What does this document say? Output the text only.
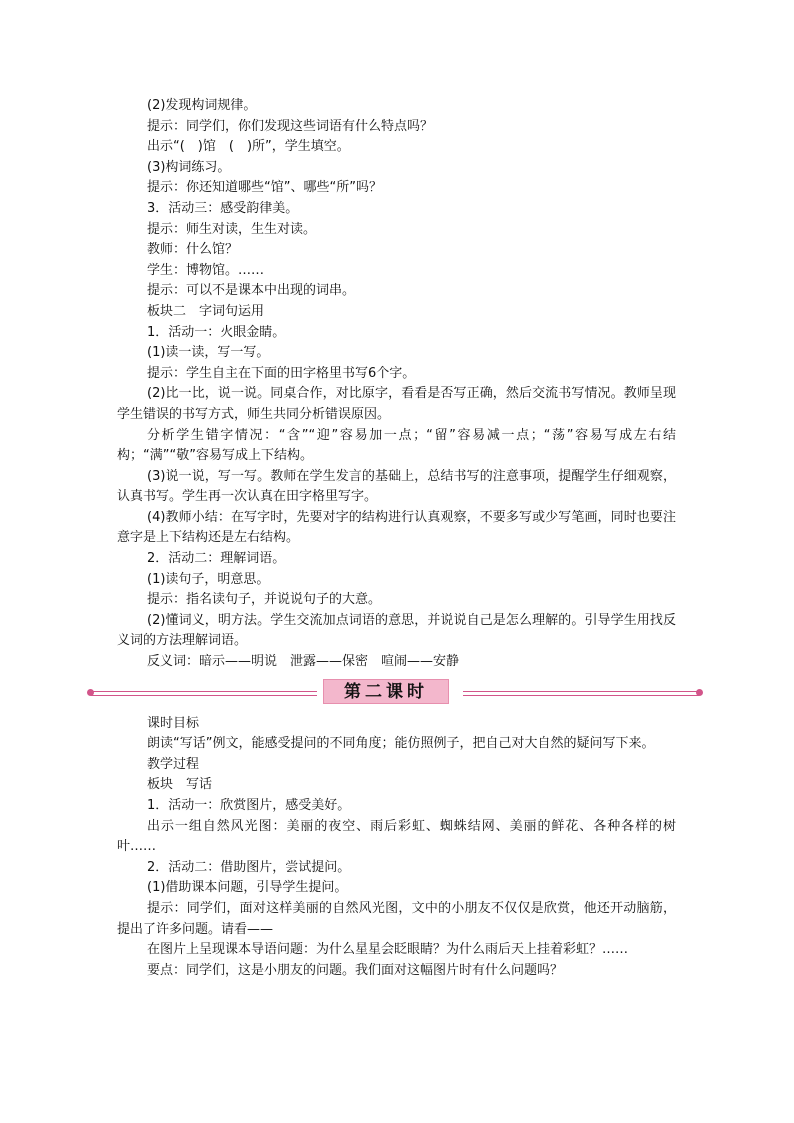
(2)发现构词规律。
提示：同学们，你们发现这些词语有什么特点吗？
出示“(　)馆　(　)所”，学生填空。
(3)构词练习。
提示：你还知道哪些“馆”、哪些“所”吗？
3．活动三：感受韵律美。
提示：师生对读，生生对读。
教师：什么馆？
学生：博物馆。……
提示：可以不是课本中出现的词串。
板块二　字词句运用
1．活动一：火眼金睛。
(1)读一读，写一写。
提示：学生自主在下面的田字格里书写6个字。
(2)比一比，说一说。同桌合作，对比原字，看看是否写正确，然后交流书写情况。教师呈现学生错误的书写方式，师生共同分析错误原因。
分析学生错字情况：“含”“迎”容易加一点；“留”容易减一点；“荡”容易写成左右结构；“满”“敬”容易写成上下结构。
(3)说一说，写一写。教师在学生发言的基础上，总结书写的注意事项，提醒学生仔细观察，认真书写。学生再一次认真在田字格里写字。
(4)教师小结：在写字时，先要对字的结构进行认真观察，不要多写或少写笔画，同时也要注意字是上下结构还是左右结构。
2．活动二：理解词语。
(1)读句子，明意思。
提示：指名读句子，并说说句子的大意。
(2)懂词义，明方法。学生交流加点词语的意思，并说说自己是怎么理解的。引导学生用找反义词的方法理解词语。
反义词：暗示——明说　泄露——保密　喧闹——安静
第二课时
课时目标
朗读“写话”例文，能感受提问的不同角度；能仿照例子，把自己对大自然的疑问写下来。
教学过程
板块　写话
1．活动一：欣赏图片，感受美好。
出示一组自然风光图：美丽的夜空、雨后彩虹、蜘蛛结网、美丽的鲜花、各种各样的树叶……
2．活动二：借助图片，尝试提问。
(1)借助课本问题，引导学生提问。
提示：同学们，面对这样美丽的自然风光图，文中的小朋友不仅仅是欣赏，他还开动脑筋，提出了许多问题。请看——
在图片上呈现课本导语问题：为什么星星会眨眼睛？为什么雨后天上挂着彩虹？……
要点：同学们，这是小朋友的问题。我们面对这幅图片时有什么问题吗？
